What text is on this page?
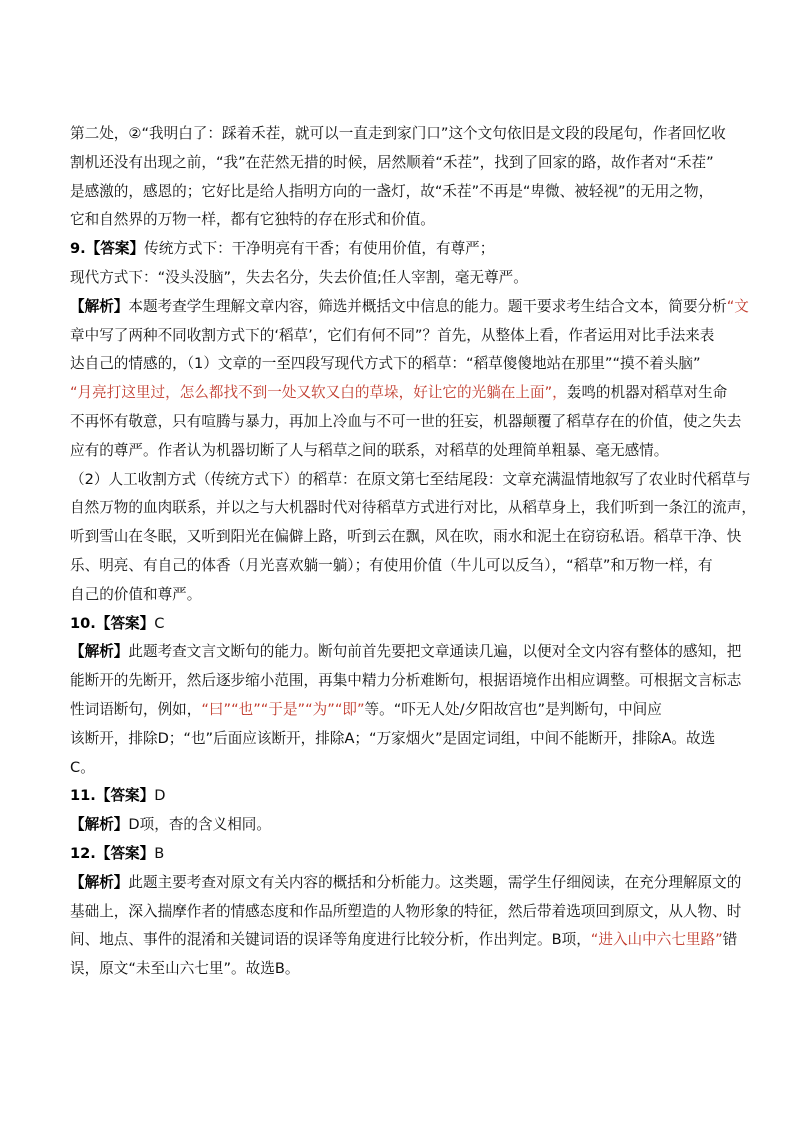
第二处，②“我明白了：踩着禾茬，就可以一直走到家门口”这个文句依旧是文段的段尾句，作者回忆收

割机还没有出现之前，“我”在茫然无措的时候，居然顺着“禾茬”，找到了回家的路，故作者对“禾茬”

是感激的，感恩的；它好比是给人指明方向的一盏灯，故“禾茬”不再是“卑微、被轻视”的无用之物，

它和自然界的万物一样，都有它独特的存在形式和价值。

9.【答案】传统方式下：干净明亮有干香；有使用价值，有尊严；

现代方式下：“没头没脑”，失去名分，失去价值;任人宰割，毫无尊严。

【解析】本题考查学生理解文章内容，筛选并概括文中信息的能力。题干要求考生结合文本，简要分析“文

章中写了两种不同收割方式下的‘稻草’，它们有何不同”？首先，从整体上看，作者运用对比手法来表

达自己的情感的，（1）文章的一至四段写现代方式下的稻草：“稻草傻傻地站在那里”“摸不着头脑”

“月亮打这里过，怎么都找不到一处又软又白的草垛，好让它的光躺在上面”，轰鸣的机器对稻草对生命

不再怀有敬意，只有喧腾与暴力，再加上冷血与不可一世的狂妄，机器颠覆了稻草存在的价值，使之失去

应有的尊严。作者认为机器切断了人与稻草之间的联系，对稻草的处理简单粗暴、毫无感情。

（2）人工收割方式（传统方式下）的稻草：在原文第七至结尾段：文章充满温情地叙写了农业时代稻草与

自然万物的血肉联系，并以之与大机器时代对待稻草方式进行对比，从稻草身上，我们听到一条江的流声，

听到雪山在冬眠，又听到阳光在偏僻上路，听到云在飘，风在吹，雨水和泥土在窃窃私语。稻草干净、快

乐、明亮、有自己的体香（月光喜欢躺一躺）；有使用价值（牛儿可以反刍），“稻草”和万物一样，有

自己的价值和尊严。

10.【答案】C

【解析】此题考查文言文断句的能力。断句前首先要把文章通读几遍，以便对全文内容有整体的感知，把

能断开的先断开，然后逐步缩小范围，再集中精力分析难断句，根据语境作出相应调整。可根据文言标志

性词语断句，例如，“曰”“也”“于是”“为”“即”等。“吓无人处/夕阳故宫也”是判断句，中间应

该断开，排除D；“也”后面应该断开，排除A；“万家烟火”是固定词组，中间不能断开，排除A。故选

C。

11.【答案】D

【解析】D项，杳的含义相同。

12.【答案】B

【解析】此题主要考查对原文有关内容的概括和分析能力。这类题，需学生仔细阅读，在充分理解原文的

基础上，深入揣摩作者的情感态度和作品所塑造的人物形象的特征，然后带着选项回到原文，从人物、时

间、地点、事件的混淆和关键词语的误译等角度进行比较分析，作出判定。B项，“进入山中六七里路”错

误，原文“未至山六七里”。故选B。
